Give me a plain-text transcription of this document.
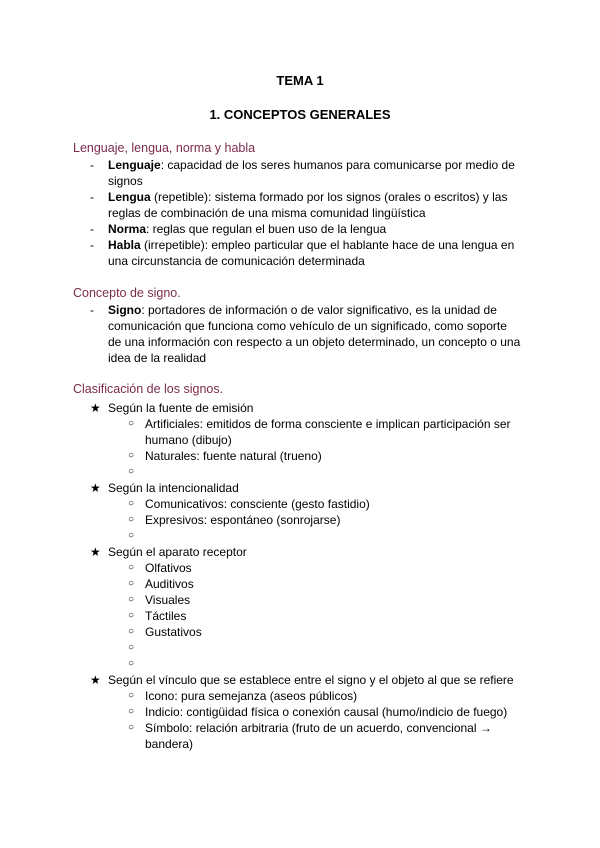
TEMA 1
1. CONCEPTOS GENERALES
Lenguaje, lengua, norma y habla
- Lenguaje: capacidad de los seres humanos para comunicarse por medio de
signos
- Lengua (repetible): sistema formado por los signos (orales o escritos) y las
reglas de combinación de una misma comunidad lingüística
- Norma: reglas que regulan el buen uso de la lengua
- Habla (irrepetible): empleo particular que el hablante hace de una lengua en
una circunstancia de comunicación determinada
Concepto de signo.
- Signo: portadores de información o de valor significativo, es la unidad de
comunicación que funciona como vehículo de un significado, como soporte
de una información con respecto a un objeto determinado, un concepto o una
idea de la realidad
Clasificación de los signos.
★ Según la fuente de emisión
○ Artificiales: emitidos de forma consciente e implican participación ser
humano (dibujo)
○ Naturales: fuente natural (trueno)
○
★ Según la intencionalidad
○ Comunicativos: consciente (gesto fastidio)
○ Expresivos: espontáneo (sonrojarse)
○
★ Según el aparato receptor
○ Olfativos
○ Auditivos
○ Visuales
○ Táctiles
○ Gustativos
○
○
★ Según el vínculo que se establece entre el signo y el objeto al que se refiere
○ Icono: pura semejanza (aseos públicos)
○ Indicio: contigüidad física o conexión causal (humo/indicio de fuego)
○ Símbolo: relación arbitraria (fruto de un acuerdo, convencional →
bandera)
